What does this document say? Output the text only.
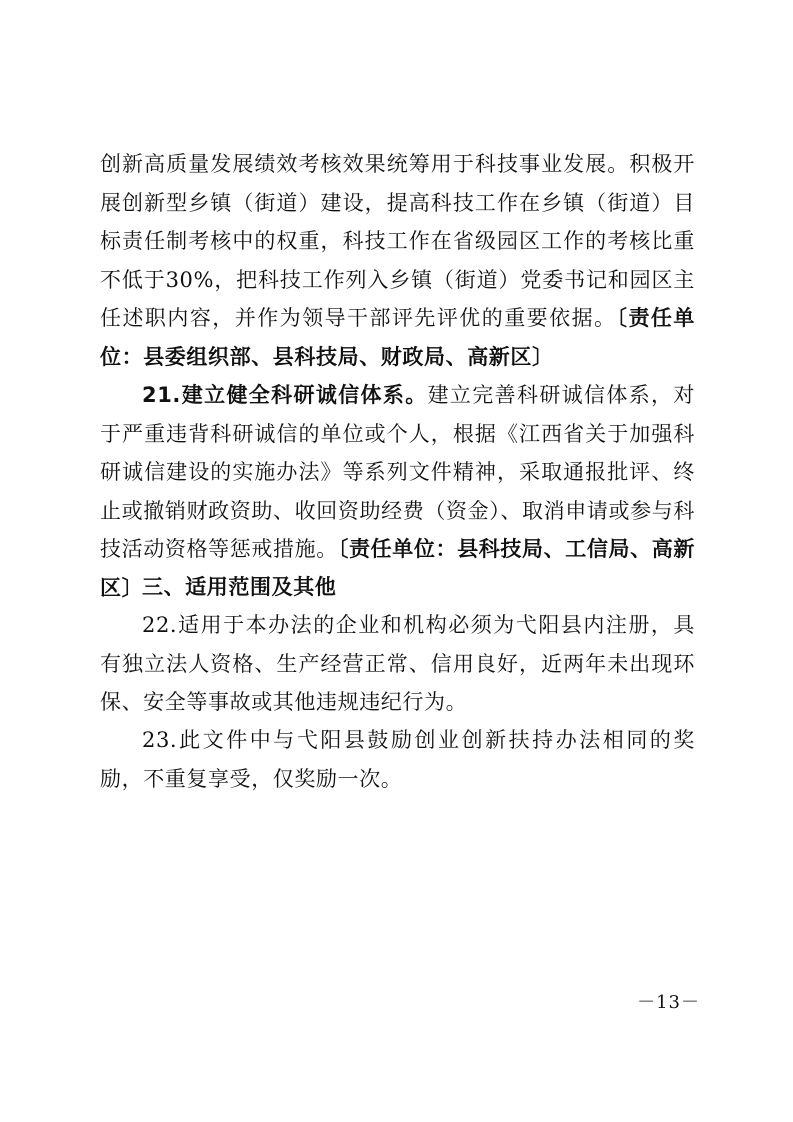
创新高质量发展绩效考核效果统筹用于科技事业发展。积极开展创新型乡镇（街道）建设，提高科技工作在乡镇（街道）目标责任制考核中的权重，科技工作在省级园区工作的考核比重不低于30%，把科技工作列入乡镇（街道）党委书记和园区主任述职内容，并作为领导干部评先评优的重要依据。〔责任单位：县委组织部、县科技局、财政局、高新区〕
21.建立健全科研诚信体系。建立完善科研诚信体系，对于严重违背科研诚信的单位或个人，根据《江西省关于加强科研诚信建设的实施办法》等系列文件精神，采取通报批评、终止或撤销财政资助、收回资助经费（资金）、取消申请或参与科技活动资格等惩戒措施。〔责任单位：县科技局、工信局、高新区〕
三、适用范围及其他
22.适用于本办法的企业和机构必须为弋阳县内注册，具有独立法人资格、生产经营正常、信用良好，近两年未出现环保、安全等事故或其他违规违纪行为。
23.此文件中与弋阳县鼓励创业创新扶持办法相同的奖励，不重复享受，仅奖励一次。
－13－
